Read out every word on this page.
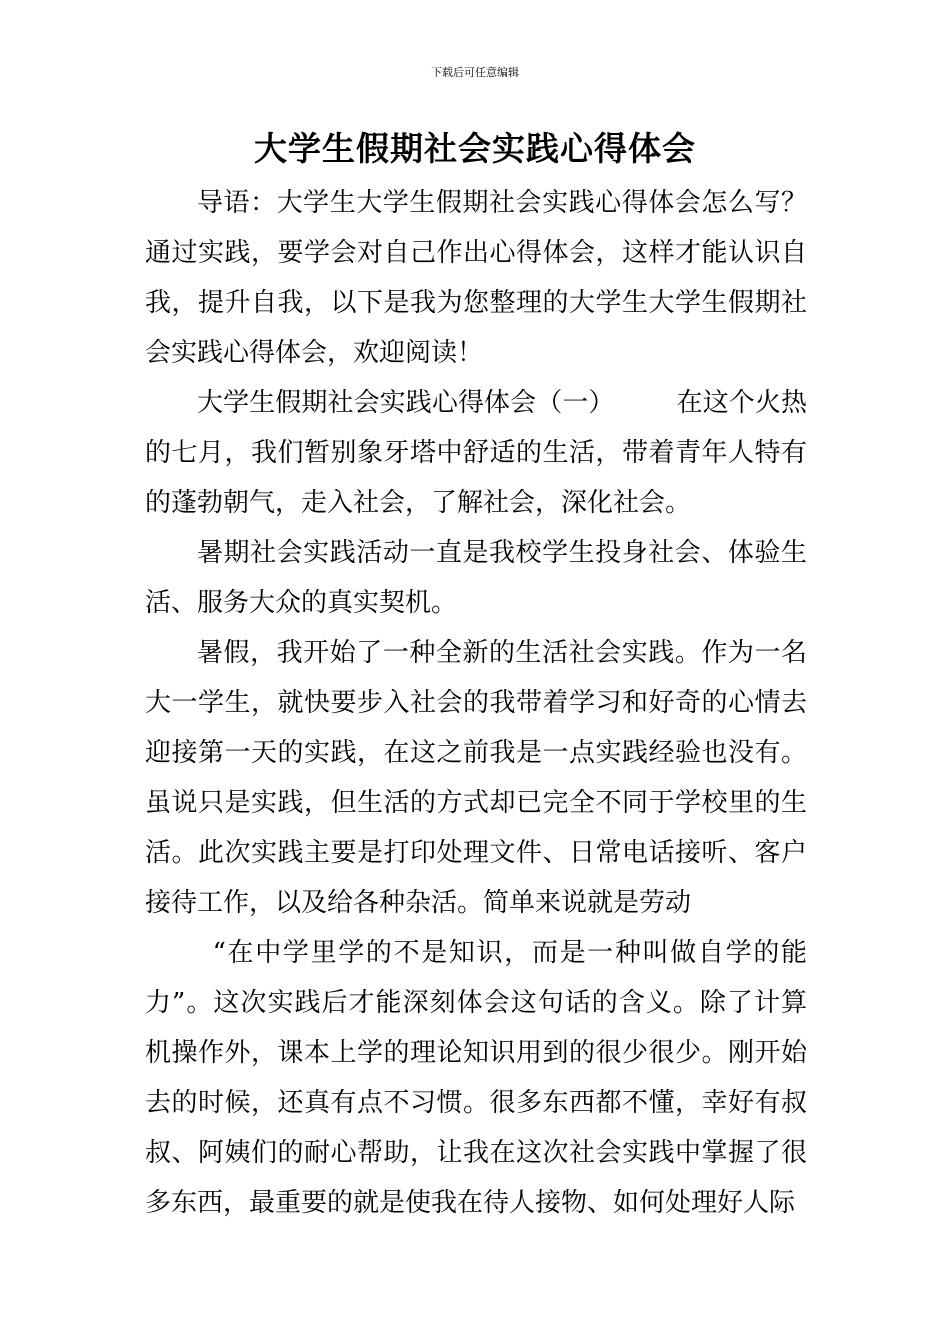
下载后可任意编辑
大学生假期社会实践心得体会

导语：大学生大学生假期社会实践心得体会怎么写？通过实践，要学会对自己作出心得体会，这样才能认识自我，提升自我，以下是我为您整理的大学生大学生假期社会实践心得体会，欢迎阅读！

大学生假期社会实践心得体会（一） 在这个火热的七月，我们暂别象牙塔中舒适的生活，带着青年人特有的蓬勃朝气，走入社会，了解社会，深化社会。

暑期社会实践活动一直是我校学生投身社会、体验生活、服务大众的真实契机。

暑假，我开始了一种全新的生活社会实践。作为一名大一学生，就快要步入社会的我带着学习和好奇的心情去迎接第一天的实践，在这之前我是一点实践经验也没有。虽说只是实践，但生活的方式却已完全不同于学校里的生活。此次实践主要是打印处理文件、日常电话接听、客户接待工作，以及给各种杂活。简单来说就是劳动

“在中学里学的不是知识，而是一种叫做自学的能力”。这次实践后才能深刻体会这句话的含义。除了计算机操作外，课本上学的理论知识用到的很少很少。刚开始去的时候，还真有点不习惯。很多东西都不懂，幸好有叔叔、阿姨们的耐心帮助，让我在这次社会实践中掌握了很多东西，最重要的就是使我在待人接物、如何处理好人际
